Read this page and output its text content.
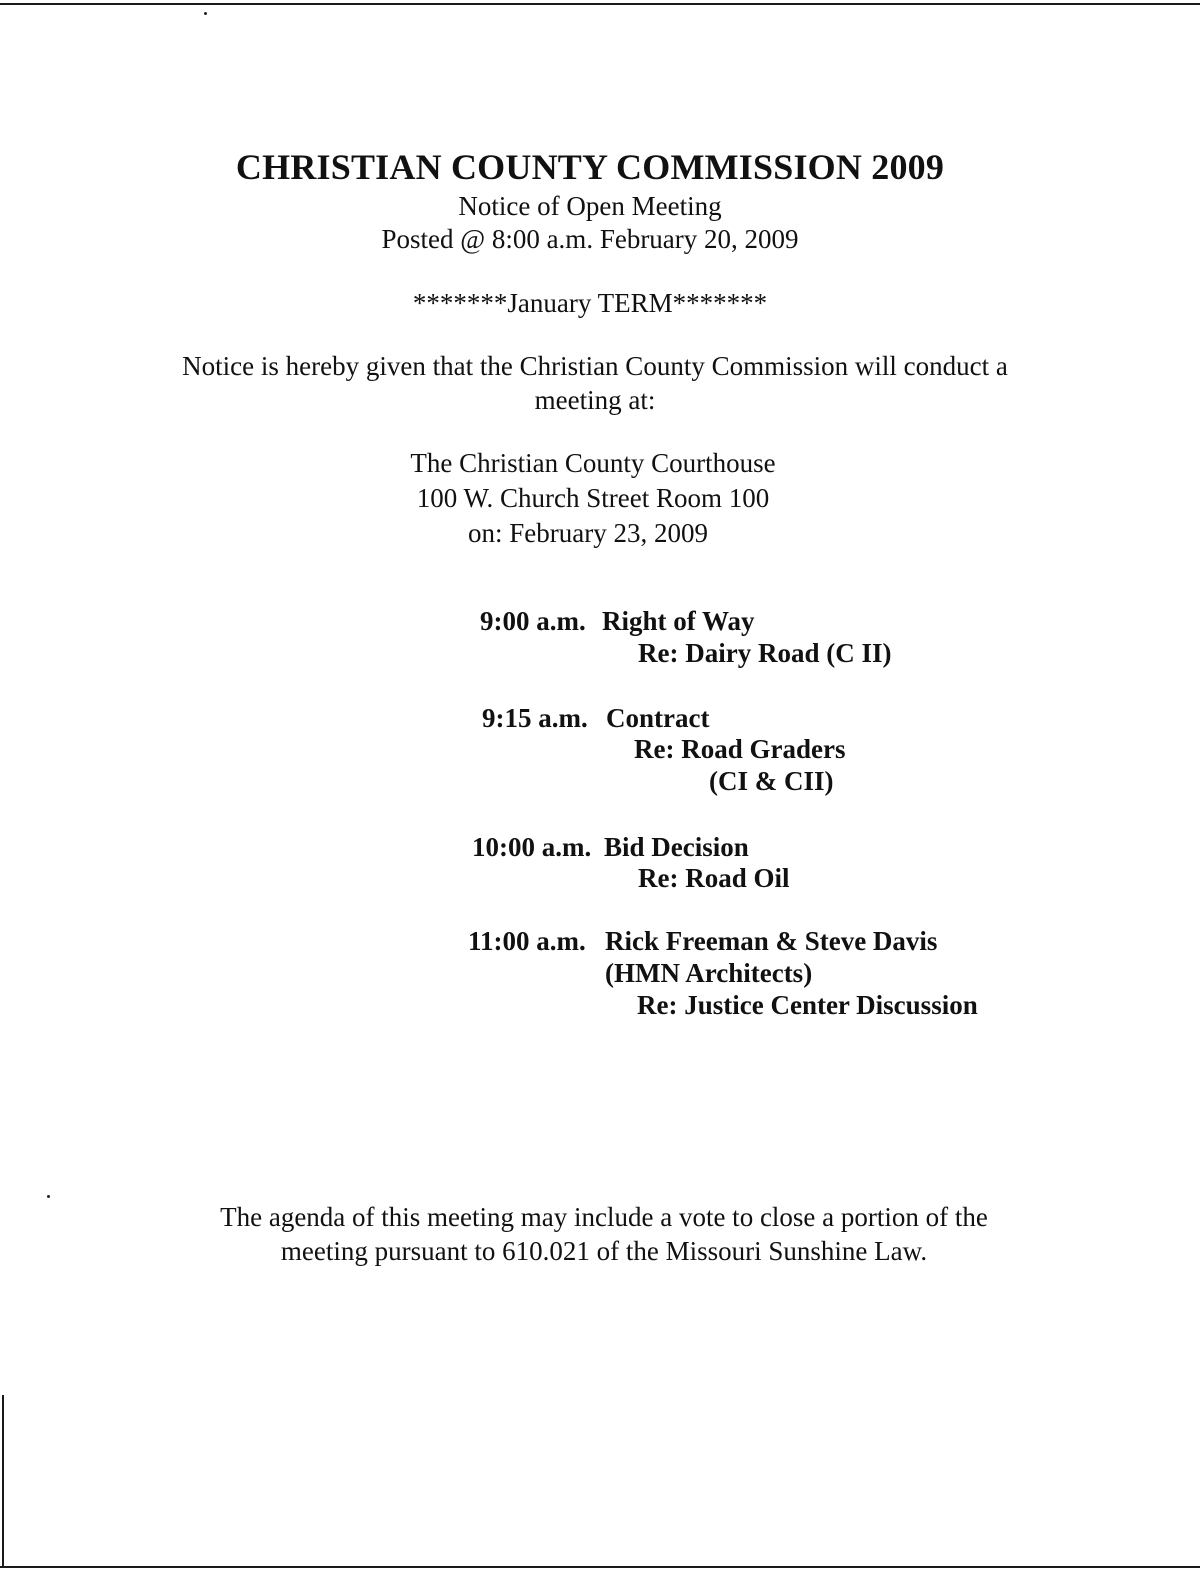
CHRISTIAN COUNTY COMMISSION 2009
Notice of Open Meeting
Posted @ 8:00 a.m. February 20, 2009
*******January TERM*******
Notice is hereby given that the Christian County Commission will conduct a
meeting at:
The Christian County Courthouse
100 W. Church Street Room 100
on: February 23, 2009
9:00 a.m. Right of Way
Re: Dairy Road (C II)
9:15 a.m. Contract
Re: Road Graders
(CI & CII)
10:00 a.m. Bid Decision
Re: Road Oil
11:00 a.m. Rick Freeman & Steve Davis
(HMN Architects)
Re: Justice Center Discussion
The agenda of this meeting may include a vote to close a portion of the
meeting pursuant to 610.021 of the Missouri Sunshine Law.
